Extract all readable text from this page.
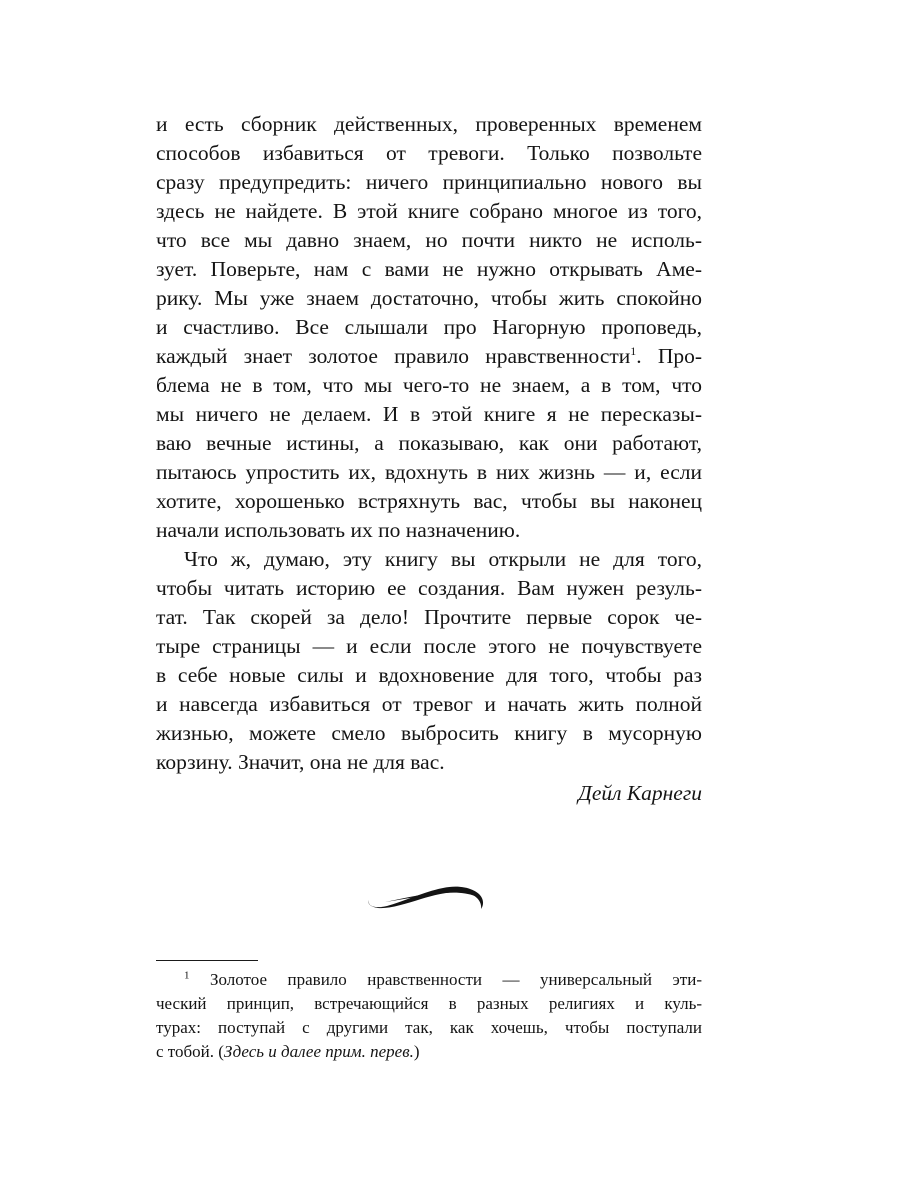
и есть сборник действенных, проверенных временем
способов избавиться от тревоги. Только позвольте
сразу предупредить: ничего принципиально нового вы
здесь не найдете. В этой книге собрано многое из того,
что все мы давно знаем, но почти никто не исполь-
зует. Поверьте, нам с вами не нужно открывать Аме-
рику. Мы уже знаем достаточно, чтобы жить спокойно
и счастливо. Все слышали про Нагорную проповедь,
каждый знает золотое правило нравственности$^1$. Про-
блема не в том, что мы чего-то не знаем, а в том, что
мы ничего не делаем. И в этой книге я не пересказы-
ваю вечные истины, а показываю, как они работают,
пытаюсь упростить их, вдохнуть в них жизнь — и, если
хотите, хорошенько встряхнуть вас, чтобы вы наконец
начали использовать их по назначению.
Что ж, думаю, эту книгу вы открыли не для того,
чтобы читать историю ее создания. Вам нужен резуль-
тат. Так скорей за дело! Прочтите первые сорок че-
тыре страницы — и если после этого не почувствуете
в себе новые силы и вдохновение для того, чтобы раз
и навсегда избавиться от тревог и начать жить полной
жизнью, можете смело выбросить книгу в мусорную
корзину. Значит, она не для вас.
Дейл Карнеги
$^1$ Золотое правило нравственности — универсальный эти-
ческий принцип, встречающийся в разных религиях и куль-
турах: поступай с другими так, как хочешь, чтобы поступали
с тобой. (Здесь и далее прим. перев.)
